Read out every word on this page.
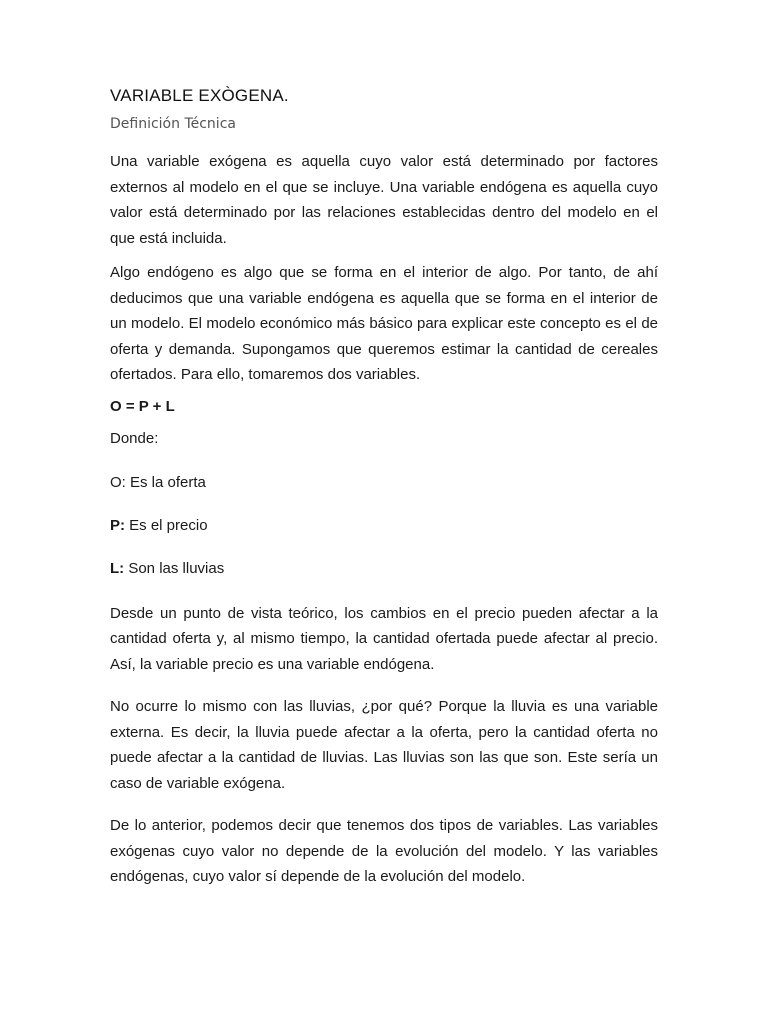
VARIABLE EXÒGENA.
Definición Técnica

Una variable exógena es aquella cuyo valor está determinado por factores externos al modelo en el que se incluye. Una variable endógena es aquella cuyo valor está determinado por las relaciones establecidas dentro del modelo en el que está incluida.

Algo endógeno es algo que se forma en el interior de algo. Por tanto, de ahí deducimos que una variable endógena es aquella que se forma en el interior de un modelo. El modelo económico más básico para explicar este concepto es el de oferta y demanda. Supongamos que queremos estimar la cantidad de cereales ofertados. Para ello, tomaremos dos variables.

O = P + L
Donde:
O: Es la oferta
P: Es el precio
L: Son las lluvias

Desde un punto de vista teórico, los cambios en el precio pueden afectar a la cantidad oferta y, al mismo tiempo, la cantidad ofertada puede afectar al precio. Así, la variable precio es una variable endógena.

No ocurre lo mismo con las lluvias, ¿por qué? Porque la lluvia es una variable externa. Es decir, la lluvia puede afectar a la oferta, pero la cantidad oferta no puede afectar a la cantidad de lluvias. Las lluvias son las que son. Este sería un caso de variable exógena.

De lo anterior, podemos decir que tenemos dos tipos de variables. Las variables exógenas cuyo valor no depende de la evolución del modelo. Y las variables endógenas, cuyo valor sí depende de la evolución del modelo.
